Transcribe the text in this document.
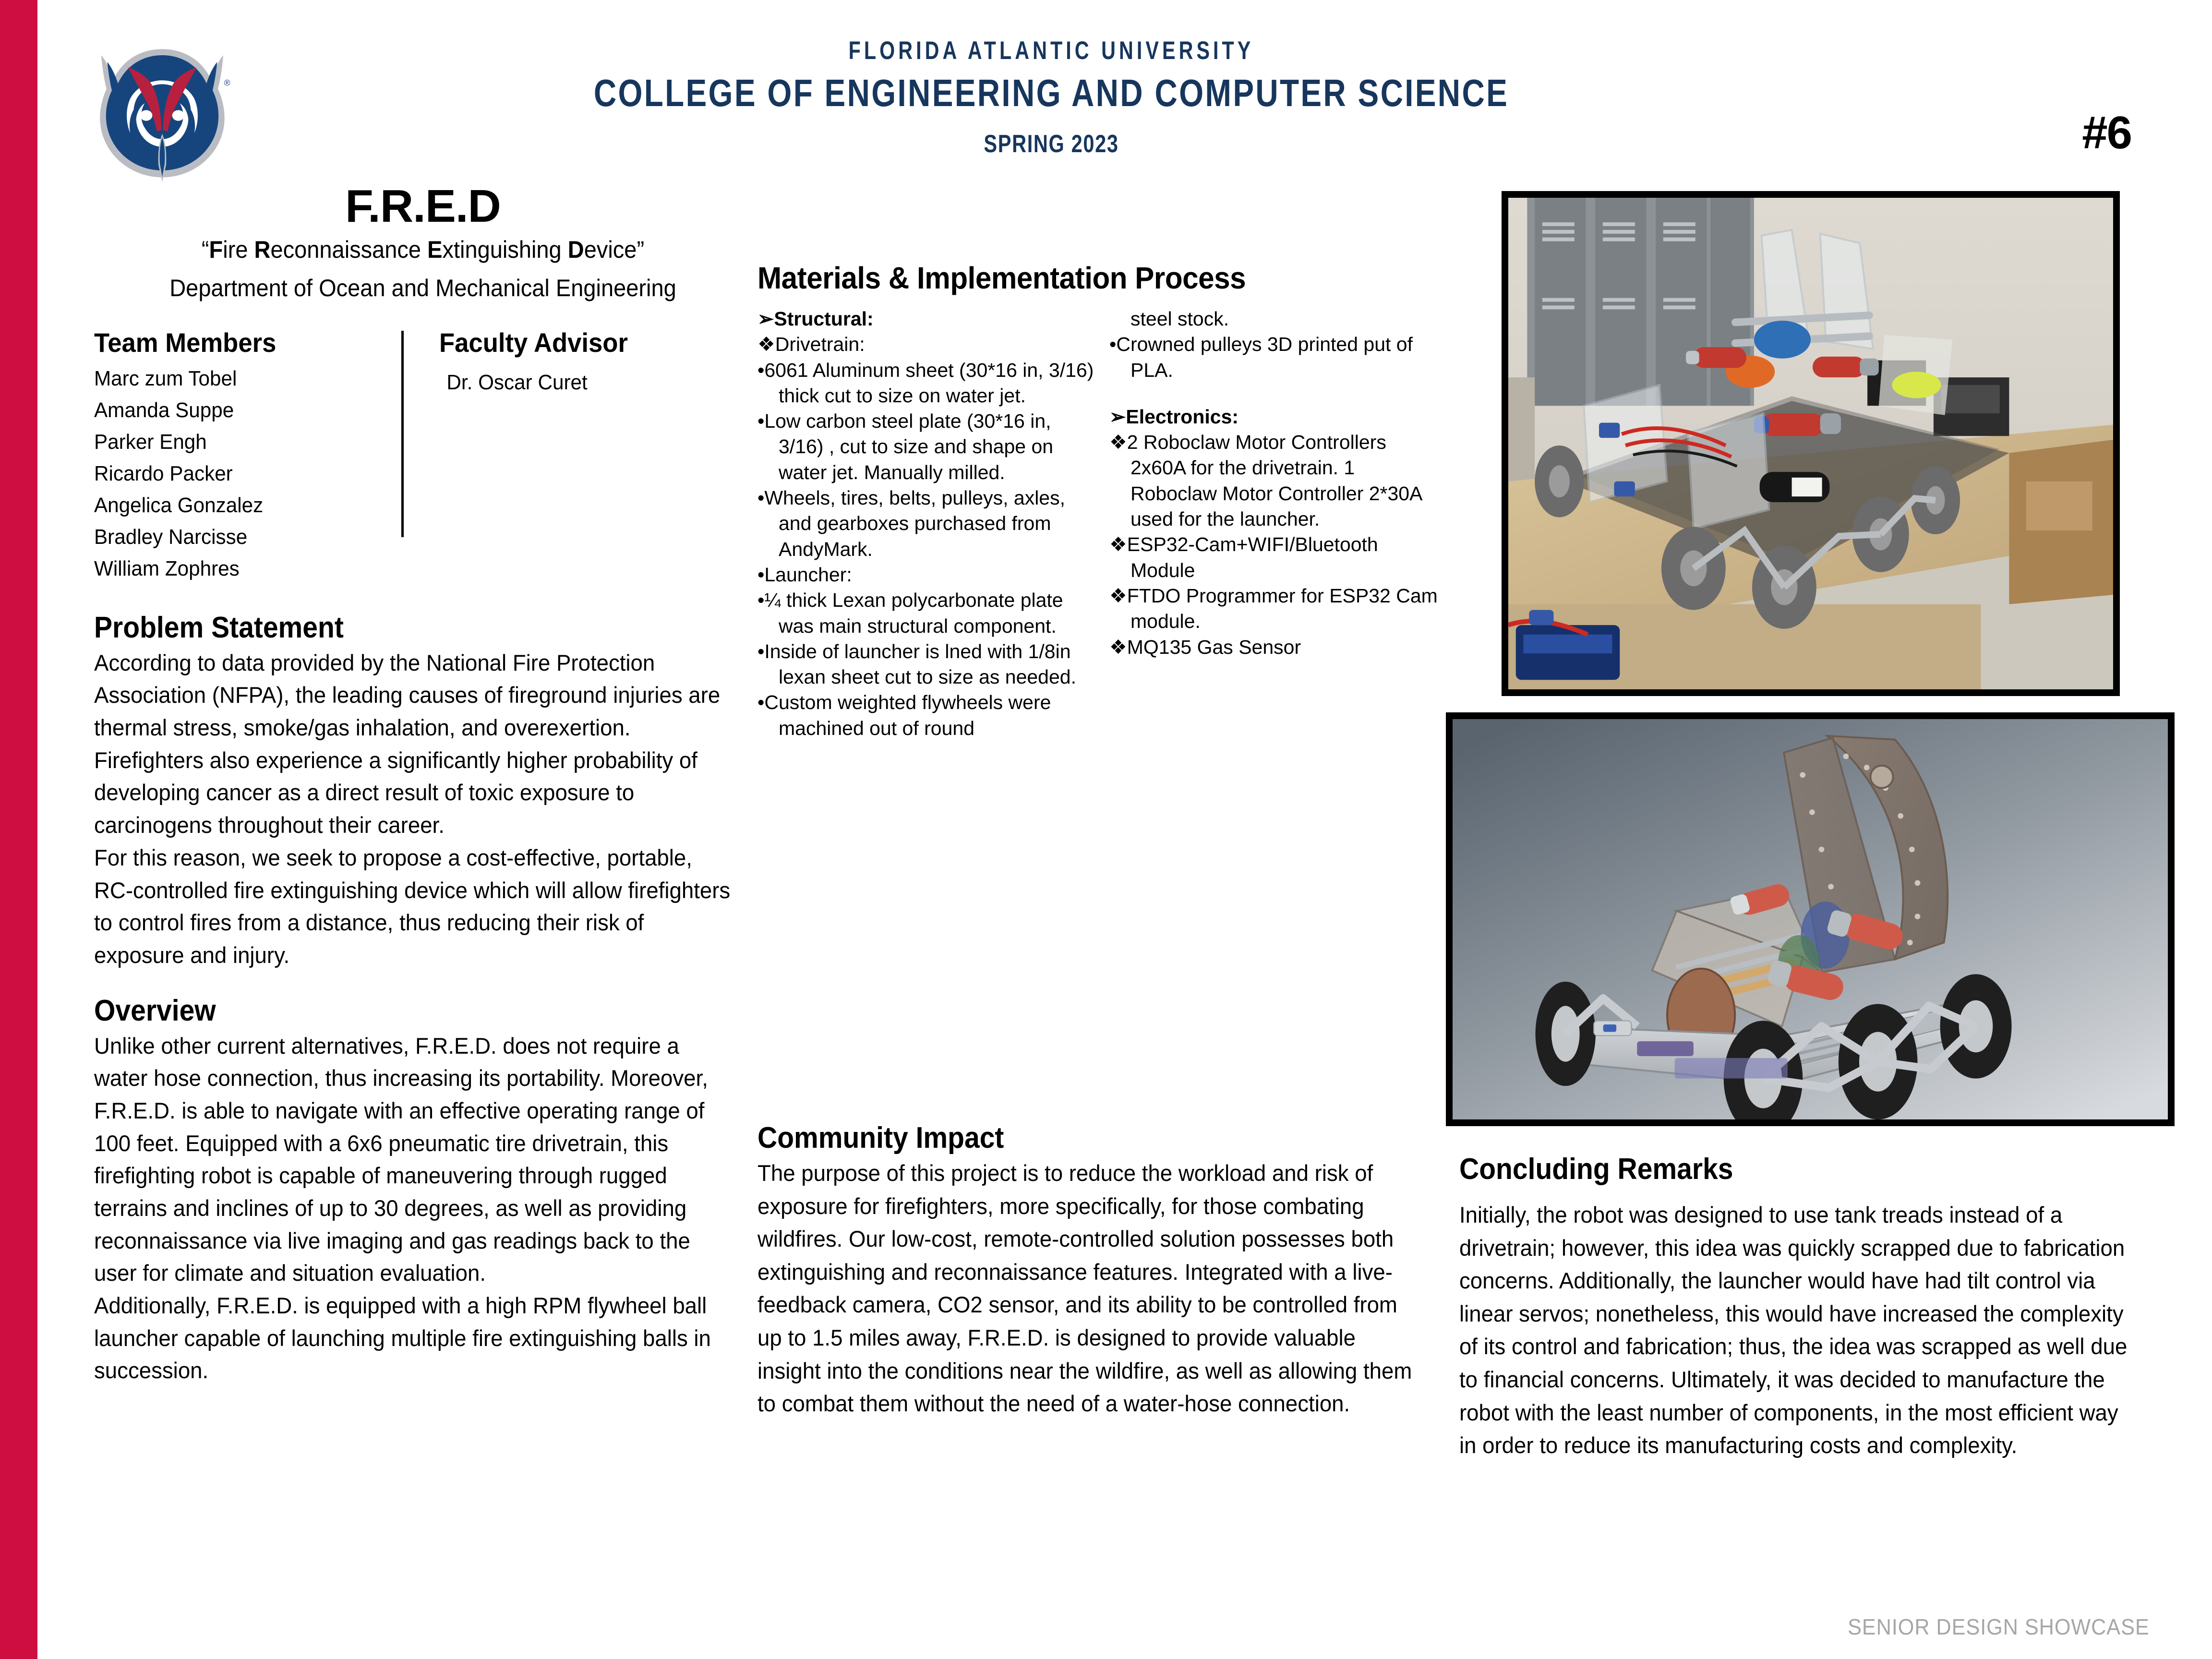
®
FLORIDA ATLANTIC UNIVERSITY
COLLEGE OF ENGINEERING AND COMPUTER SCIENCE
SPRING 2023	#6
F.R.E.D
“Fire Reconnaissance Extinguishing Device”
Department of Ocean and Mechanical Engineering
Team Members
Marc zum Tobel
Amanda Suppe
Parker Engh
Ricardo Packer
Angelica Gonzalez
Bradley Narcisse
William Zophres
Faculty Advisor
Dr. Oscar Curet
Problem Statement

According to data provided by the National Fire Protection Association (NFPA), the leading causes of fireground injuries are thermal stress, smoke/gas inhalation, and overexertion. Firefighters also experience a significantly higher probability of developing cancer as a direct result of toxic exposure to carcinogens throughout their career.

For this reason, we seek to propose a cost-effective, portable, RC-controlled fire extinguishing device which will allow firefighters to control fires from a distance, thus reducing their risk of exposure and injury.

Overview

Unlike other current alternatives, F.R.E.D. does not require a water hose connection, thus increasing its portability. Moreover, F.R.E.D. is able to navigate with an effective operating range of 100 feet. Equipped with a 6x6 pneumatic tire drivetrain, this firefighting robot is capable of maneuvering through rugged terrains and inclines of up to 30 degrees, as well as providing reconnaissance via live imaging and gas readings back to the user for climate and situation evaluation.

Additionally, F.R.E.D. is equipped with a high RPM flywheel ball launcher capable of launching multiple fire extinguishing balls in succession.

Materials & Implementation Process
➢Structural:
❖Drivetrain:
•6061 Aluminum sheet (30*16 in, 3/16) thick cut to size on water jet.
•Low carbon steel plate (30*16 in, 3/16) , cut to size and shape on water jet. Manually milled.
•Wheels, tires, belts, pulleys, axles, and gearboxes purchased from AndyMark.
•Launcher:
•¼ thick Lexan polycarbonate plate was main structural component.
•Inside of launcher is lned with 1/8in lexan sheet cut to size as needed.
•Custom weighted flywheels were machined out of round
steel stock.
•Crowned pulleys 3D printed put of PLA.
➢Electronics:
❖2 Roboclaw Motor Controllers 2x60A for the drivetrain. 1 Roboclaw Motor Controller 2*30A used for the launcher.
❖ESP32-Cam+WIFI/Bluetooth Module
❖FTDO Programmer for ESP32 Cam module.
❖MQ135 Gas Sensor
Community Impact

The purpose of this project is to reduce the workload and risk of exposure for firefighters, more specifically, for those combating wildfires. Our low-cost, remote-controlled solution possesses both extinguishing and reconnaissance features. Integrated with a live-feedback camera, CO2 sensor, and its ability to be controlled from up to 1.5 miles away, F.R.E.D. is designed to provide valuable insight into the conditions near the wildfire, as well as allowing them to combat them without the need of a water-hose connection.

Concluding Remarks

Initially, the robot was designed to use tank treads instead of a drivetrain; however, this idea was quickly scrapped due to fabrication concerns. Additionally, the launcher would have had tilt control via linear servos; nonetheless, this would have increased the complexity of its control and fabrication; thus, the idea was scrapped as well due to financial concerns. Ultimately, it was decided to manufacture the robot with the least number of components, in the most efficient way in order to reduce its manufacturing costs and complexity.

SENIOR DESIGN SHOWCASE
